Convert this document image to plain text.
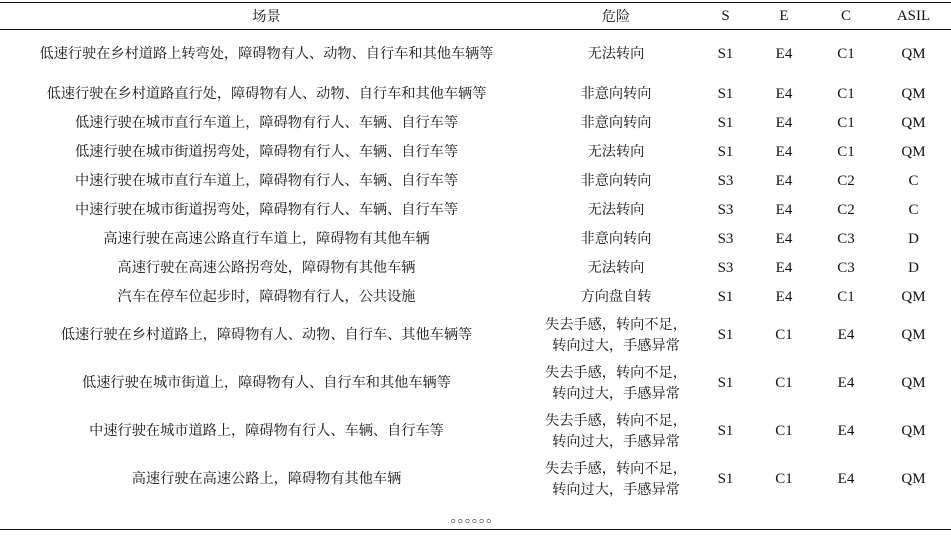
场景	危险	S	E	C	ASIL
低速行驶在乡村道路上转弯处，障碍物有人、动物、自行车和其他车辆等	无法转向	S1	E4	C1	QM
低速行驶在乡村道路直行处，障碍物有人、动物、自行车和其他车辆等	非意向转向	S1	E4	C1	QM
低速行驶在城市直行车道上，障碍物有行人、车辆、自行车等	非意向转向	S1	E4	C1	QM
低速行驶在城市街道拐弯处，障碍物有行人、车辆、自行车等	无法转向	S1	E4	C1	QM
中速行驶在城市直行车道上，障碍物有行人、车辆、自行车等	非意向转向	S3	E4	C2	C
中速行驶在城市街道拐弯处，障碍物有行人、车辆、自行车等	无法转向	S3	E4	C2	C
高速行驶在高速公路直行车道上，障碍物有其他车辆	非意向转向	S3	E4	C3	D
高速行驶在高速公路拐弯处，障碍物有其他车辆	无法转向	S3	E4	C3	D
汽车在停车位起步时，障碍物有行人，公共设施	方向盘自转	S1	E4	C1	QM
低速行驶在乡村道路上，障碍物有人、动物、自行车、其他车辆等	失去手感，转向不足，
转向过大，手感异常	S1	C1	E4	QM
低速行驶在城市街道上，障碍物有人、自行车和其他车辆等	失去手感，转向不足，
转向过大，手感异常	S1	C1	E4	QM
中速行驶在城市道路上，障碍物有行人、车辆、自行车等	失去手感，转向不足，
转向过大，手感异常	S1	C1	E4	QM
高速行驶在高速公路上，障碍物有其他车辆	失去手感，转向不足，
转向过大，手感异常	S1	C1	E4	QM
。。。。。。					
